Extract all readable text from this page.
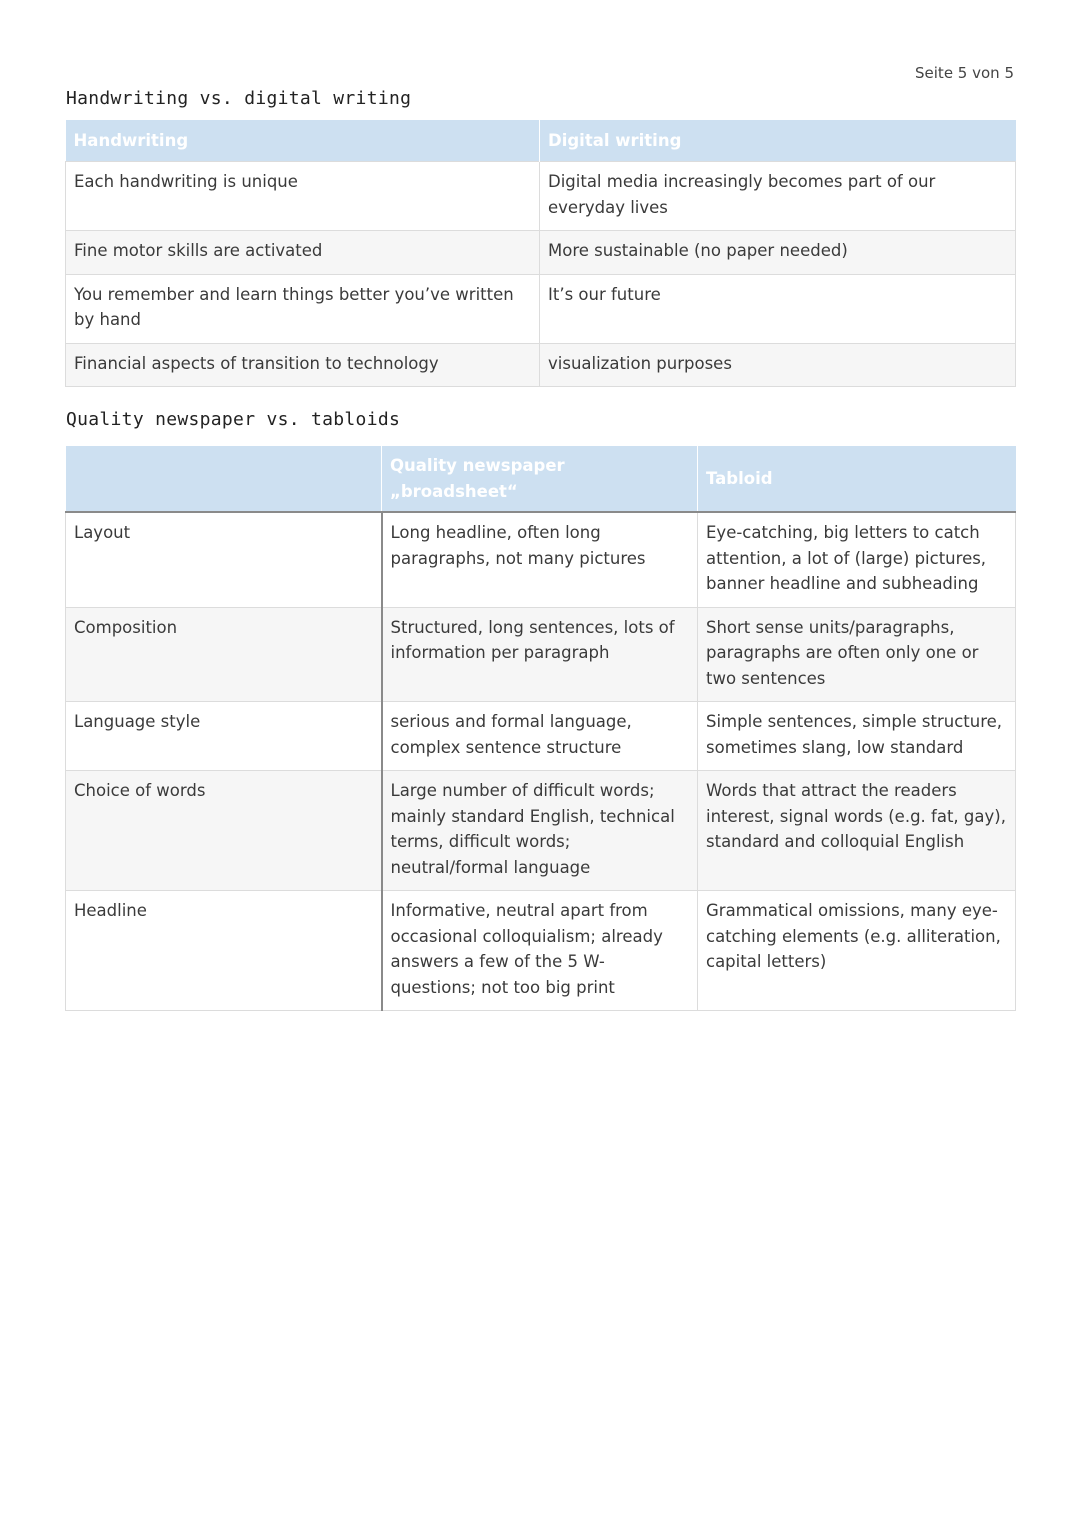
Seite 5 von 5
Handwriting vs. digital writing
Handwriting	Digital writing
Each handwriting is unique	Digital media increasingly becomes part of our everyday lives
Fine motor skills are activated	More sustainable (no paper needed)
You remember and learn things better you’ve written by hand	It’s our future
Financial aspects of transition to technology	visualization purposes
Quality newspaper vs. tabloids
	Quality newspaper „broadsheet“	Tabloid
Layout	Long headline, often long paragraphs, not many pictures	Eye-catching, big letters to catch attention, a lot of (large) pictures, banner headline and subheading
Composition	Structured, long sentences, lots of information per paragraph	Short sense units/paragraphs, paragraphs are often only one or two sentences
Language style	serious and formal language, complex sentence structure	Simple sentences, simple structure, sometimes slang, low standard
Choice of words	Large number of difficult words; mainly standard English, technical terms, difficult words; neutral/formal language	Words that attract the readers interest, signal words (e.g. fat, gay), standard and colloquial English
Headline	Informative, neutral apart from occasional colloquialism; already answers a few of the 5 W-questions; not too big print	Grammatical omissions, many eye-catching elements (e.g. alliteration, capital letters)
